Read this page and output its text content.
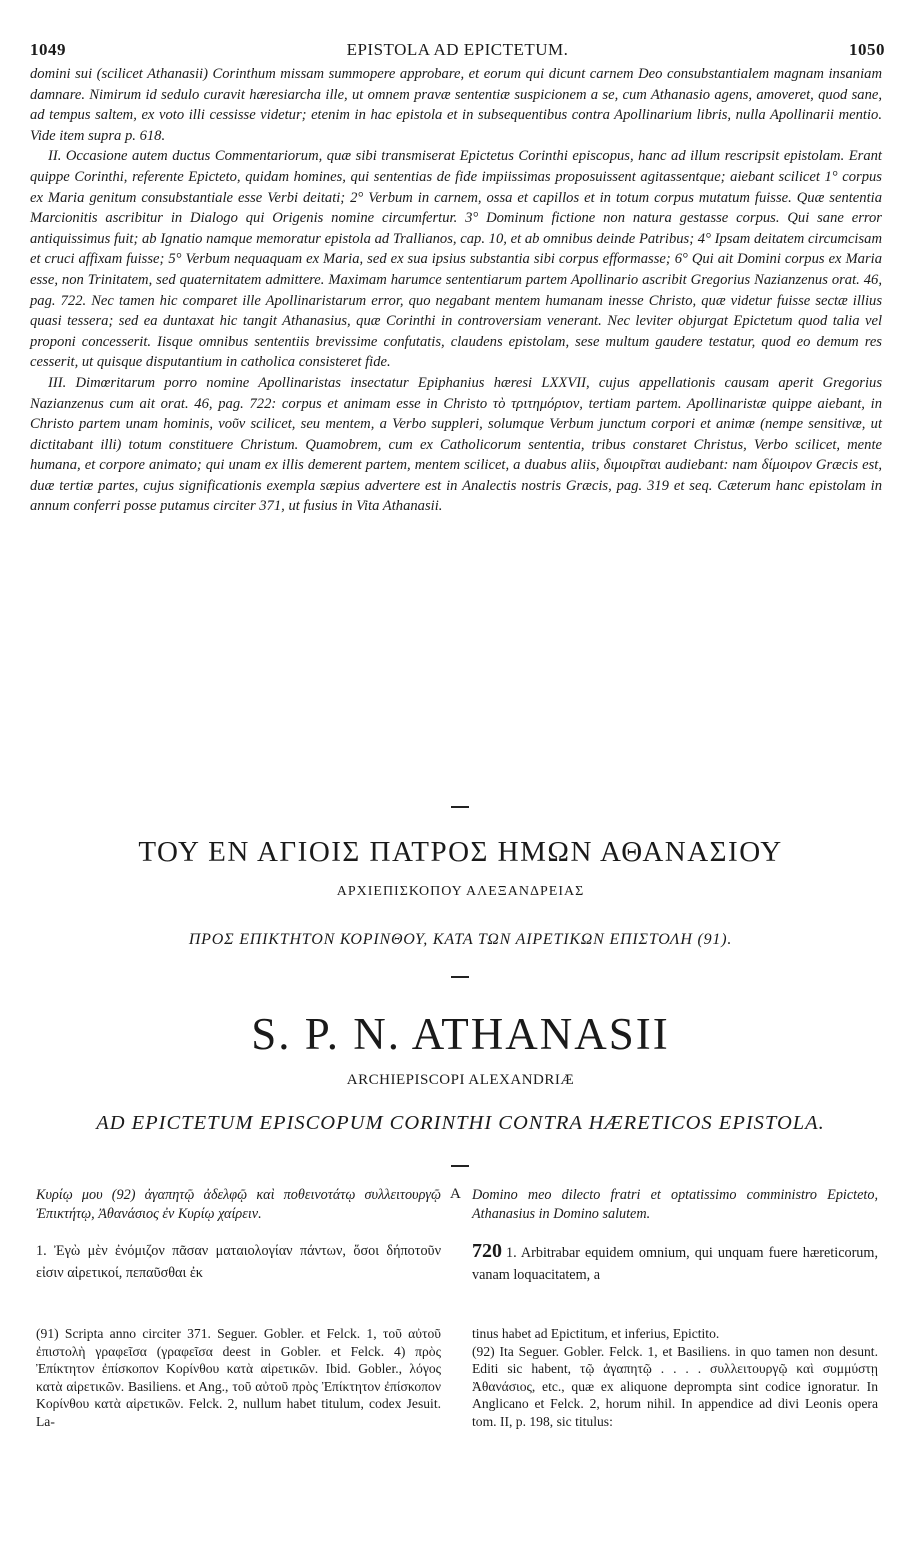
1049	EPISTOLA AD EPICTETUM.	1050

domini sui (scilicet Athanasii) Corinthum missam summopere approbare, et eorum qui dicunt carnem Deo consubstantialem magnam insaniam damnare. Nimirum id sedulo curavit hæresiarcha ille, ut omnem pravæ sententiæ suspicionem a se, cum Athanasio agens, amoveret, quod sane, ad tempus saltem, ex voto illi cessisse videtur; etenim in hac epistola et in subsequentibus contra Apollinarium libris, nulla Apollinarii mentio. Vide item supra p. 618.

II. Occasione autem ductus Commentariorum, quæ sibi transmiserat Epictetus Corinthi episcopus, hanc ad illum rescripsit epistolam. Erant quippe Corinthi, referente Epicteto, quidam homines, qui sententias de fide impiissimas proposuissent agitassentque; aiebant scilicet 1° corpus ex Maria genitum consubstantiale esse Verbi deitati; 2° Verbum in carnem, ossa et capillos et in totum corpus mutatum fuisse. Quæ sententia Marcionitis ascribitur in Dialogo qui Origenis nomine circumfertur. 3° Dominum fictione non natura gestasse corpus. Qui sane error antiquissimus fuit; ab Ignatio namque memoratur epistola ad Trallianos, cap. 10, et ab omnibus deinde Patribus; 4° Ipsam deitatem circumcisam et cruci affixam fuisse; 5° Verbum nequaquam ex Maria, sed ex sua ipsius substantia sibi corpus efformasse; 6° Qui ait Domini corpus ex Maria esse, non Trinitatem, sed quaternitatem admittere. Maximam harumce sententiarum partem Apollinario ascribit Gregorius Nazianzenus orat. 46, pag. 722. Nec tamen hic comparet ille Apollinaristarum error, quo negabant mentem humanam inesse Christo, quæ videtur fuisse sectæ illius quasi tessera; sed ea duntaxat hic tangit Athanasius, quæ Corinthi in controversiam venerant. Nec leviter objurgat Epictetum quod talia vel proponi concesserit. Iisque omnibus sententiis brevissime confutatis, claudens epistolam, sese multum gaudere testatur, quod eo demum res cesserit, ut quisque disputantium in catholica consisteret fide.

III. Dimœritarum porro nomine Apollinaristas insectatur Epiphanius hæresi LXXVII, cujus appellationis causam aperit Gregorius Nazianzenus cum ait orat. 46, pag. 722: corpus et animam esse in Christo τὸ τριτημόριον, tertiam partem. Apollinaristæ quippe aiebant, in Christo partem unam hominis, νοῦν scilicet, seu mentem, a Verbo suppleri, solumque Verbum junctum corpori et animæ (nempe sensitivæ, ut dictitabant illi) totum constituere Christum. Quamobrem, cum ex Catholicorum sententia, tribus constaret Christus, Verbo scilicet, mente humana, et corpore animato; qui unam ex illis demerent partem, mentem scilicet, a duabus aliis, διμοιρῖται audiebant: nam δίμοιρον Græcis est, duæ tertiæ partes, cujus significationis exempla sæpius advertere est in Analectis nostris Græcis, pag. 319 et seq. Cæterum hanc epistolam in annum conferri posse putamus circiter 371, ut fusius in Vita Athanasii.

ΤΟΥ ΕΝ ΑΓΙΟΙΣ ΠΑΤΡΟΣ ΗΜΩΝ ΑΘΑΝΑΣΙΟΥ
ΑΡΧΙΕΠΙΣΚΟΠΟΥ ΑΛΕΞΑΝΔΡΕΙΑΣ
ΠΡΟΣ ΕΠΙΚΤΗΤΟΝ ΚΟΡΙΝΘΟΥ, ΚΑΤΑ ΤΩΝ ΑΙΡΕΤΙΚΩΝ ΕΠΙΣΤΟΛΗ (91).
S. P. N. ATHANASII
ARCHIEPISCOPI ALEXANDRIÆ
AD EPICTETUM EPISCOPUM CORINTHI CONTRA HÆRETICOS EPISTOLA.
Κυρίῳ μου (92) ἀγαπητῷ ἀδελφῷ καὶ ποθεινοτάτῳ συλλειτουργῷ Ἐπικτήτῳ, Ἀθανάσιος ἐν Κυρίῳ χαίρειν.
A Domino meo dilecto fratri et optatissimo comministro Epicteto, Athanasius in Domino salutem.
1. Ἐγὼ μὲν ἐνόμιζον πᾶσαν ματαιολογίαν πάντων, ὅσοι δήποτοῦν εἰσιν αἱρετικοί, πεπαῦσθαι ἐκ
720 1. Arbitrabar equidem omnium, qui unquam fuere hæreticorum, vanam loquacitatem, a

(91) Scripta anno circiter 371. Seguer. Gobler. et Felck. 1, τοῦ αὐτοῦ ἐπιστολὴ γραφεῖσα (γραφεῖσα deest in Gobler. et Felck. 4) πρὸς Ἐπίκτητον ἐπίσκοπον Κορίνθου κατὰ αἱρετικῶν. Ibid. Gobler., λόγος κατὰ αἱρετικῶν. Basiliens. et Ang., τοῦ αὐτοῦ πρὸς Ἐπίκτητον ἐπίσκοπον Κορίνθου κατὰ αἱρετικῶν. Felck. 2, nullum habet titulum, codex Jesuit. La-

tinus habet ad Epictitum, et inferius, Epictito.

(92) Ita Seguer. Gobler. Felck. 1, et Basiliens. in quo tamen non desunt. Editi sic habent, τῷ ἀγαπητῷ . . . . συλλειτουργῷ καὶ συμμύστῃ Ἀθανάσιος, etc., quæ ex aliquone deprompta sint codice ignoratur. In Anglicano et Felck. 2, horum nihil. In appendice ad divi Leonis opera tom. II, p. 198, sic titulus:
